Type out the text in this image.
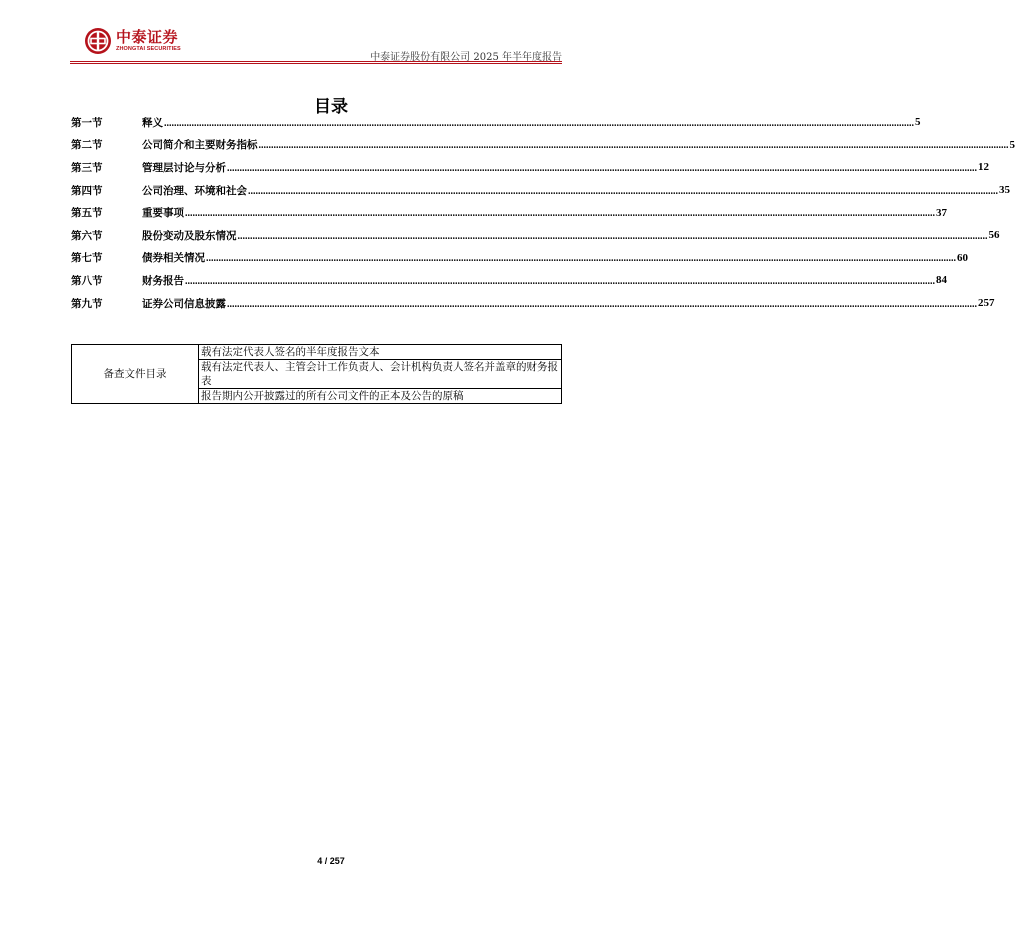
中泰证券
ZHONGTAI SECURITIES
中泰证券股份有限公司 2025 年半年度报告
目录
第一节	释义 ............................................................................................................................................................................................................................................................................................................ 5
第二节	公司简介和主要财务指标 ............................................................................................................................................................................................................................................................................................................ 5
第三节	管理层讨论与分析 ............................................................................................................................................................................................................................................................................................................ 12
第四节	公司治理、环境和社会 ............................................................................................................................................................................................................................................................................................................ 35
第五节	重要事项 ............................................................................................................................................................................................................................................................................................................ 37
第六节	股份变动及股东情况 ............................................................................................................................................................................................................................................................................................................ 56
第七节	债券相关情况 ............................................................................................................................................................................................................................................................................................................ 60
第八节	财务报告 ............................................................................................................................................................................................................................................................................................................ 84
第九节	证券公司信息披露 ............................................................................................................................................................................................................................................................................................................ 257
备查文件目录	载有法定代表人签名的半年度报告文本
载有法定代表人、主管会计工作负责人、会计机构负责人签名并盖章的财务报表
报告期内公开披露过的所有公司文件的正本及公告的原稿
4 / 257
